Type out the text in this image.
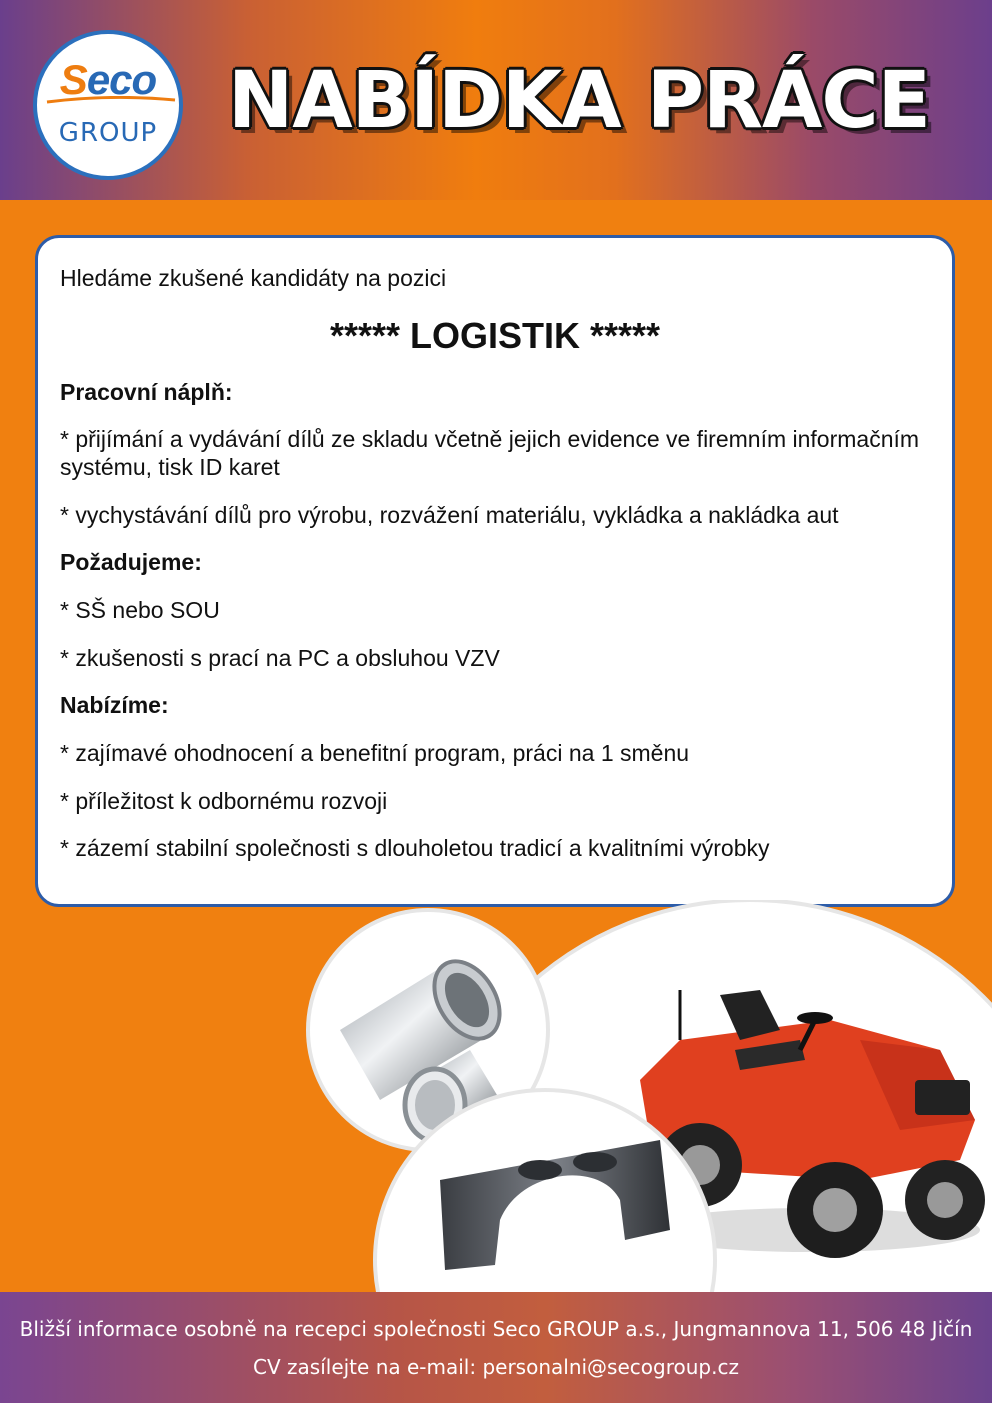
Seco
GROUP NABÍDKA PRÁCE

Hledáme zkušené kandidáty na pozici

***** LOGISTIK *****

Pracovní náplň:

* přijímání a vydávání dílů ze skladu včetně jejich evidence ve firemním informačním systému, tisk ID karet

* vychystávání dílů pro výrobu, rozvážení materiálu, vykládka a nakládka aut

Požadujeme:

* SŠ nebo SOU

* zkušenosti s prací na PC a obsluhou VZV

Nabízíme:

* zajímavé ohodnocení a benefitní program, práci na 1 směnu

* příležitost k odbornému rozvoji

* zázemí stabilní společnosti s dlouholetou tradicí a kvalitními výrobky

Bližší informace osobně na recepci společnosti Seco GROUP a.s., Jungmannova 11, 506 48 Jičín

CV zasílejte na e-mail: personalni@secogroup.cz
